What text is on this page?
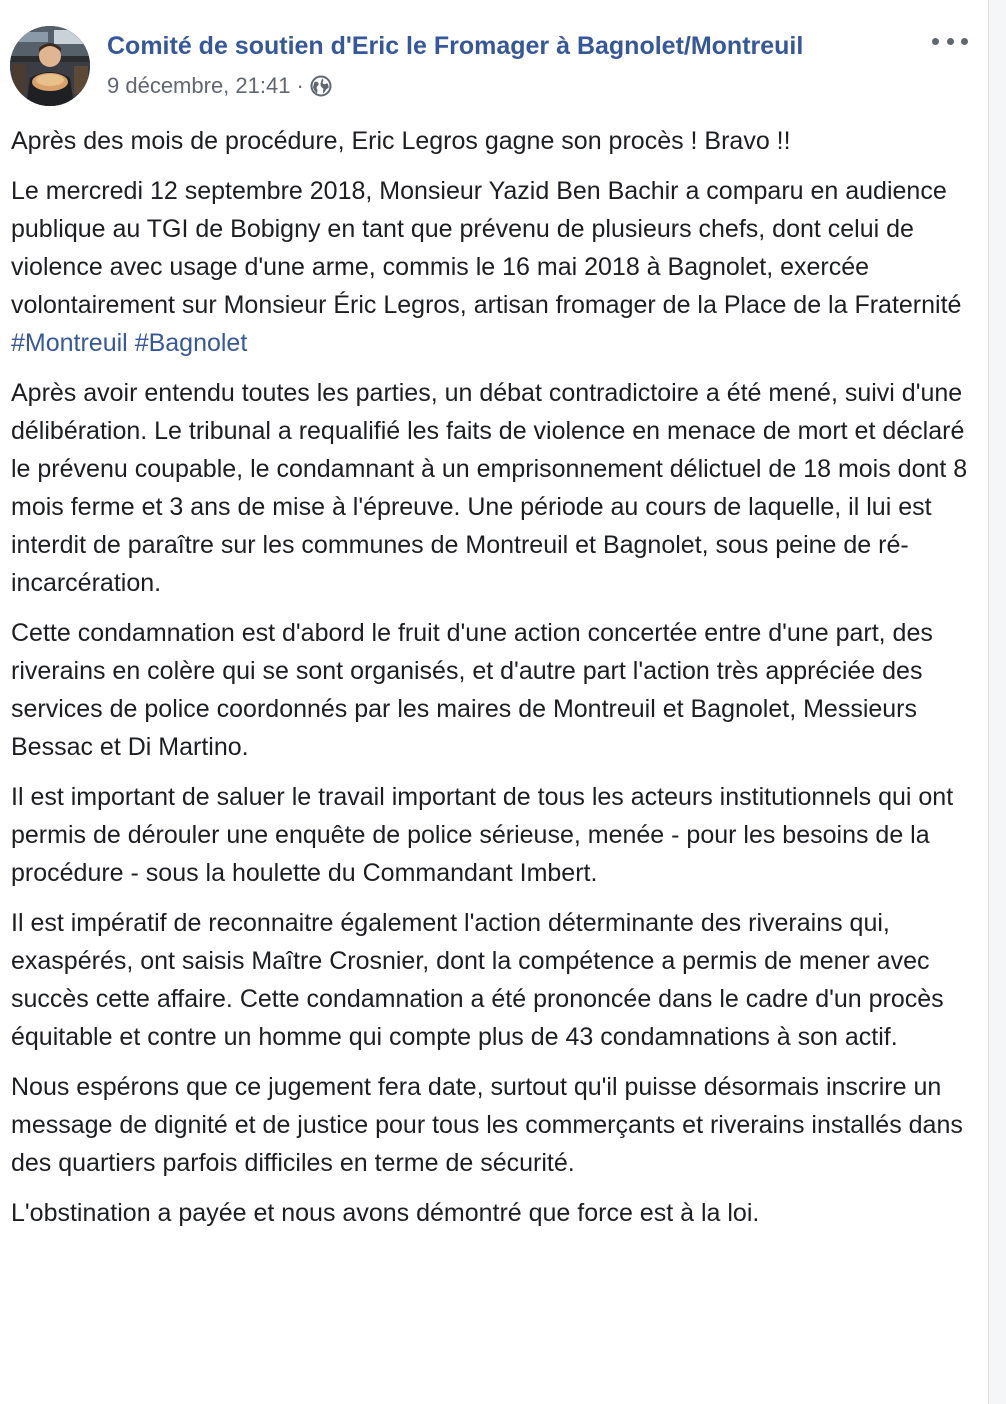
Comité de soutien d'Eric le Fromager à Bagnolet/Montreuil
9 décembre, 21:41 ·

Après des mois de procédure, Eric Legros gagne son procès ! Bravo !!

Le mercredi 12 septembre 2018, Monsieur Yazid Ben Bachir a comparu en audience publique au TGI de Bobigny en tant que prévenu de plusieurs chefs, dont celui de violence avec usage d'une arme, commis le 16 mai 2018 à Bagnolet, exercée volontairement sur Monsieur Éric Legros, artisan fromager de la Place de la Fraternité #Montreuil #Bagnolet

Après avoir entendu toutes les parties, un débat contradictoire a été mené, suivi d'une délibération. Le tribunal a requalifié les faits de violence en menace de mort et déclaré le prévenu coupable, le condamnant à un emprisonnement délictuel de 18 mois dont 8 mois ferme et 3 ans de mise à l'épreuve. Une période au cours de laquelle, il lui est interdit de paraître sur les communes de Montreuil et Bagnolet, sous peine de ré-incarcération.

Cette condamnation est d'abord le fruit d'une action concertée entre d'une part, des riverains en colère qui se sont organisés, et d'autre part l'action très appréciée des services de police coordonnés par les maires de Montreuil et Bagnolet, Messieurs Bessac et Di Martino.

Il est important de saluer le travail important de tous les acteurs institutionnels qui ont permis de dérouler une enquête de police sérieuse, menée - pour les besoins de la procédure - sous la houlette du Commandant Imbert.

Il est impératif de reconnaitre également l'action déterminante des riverains qui, exaspérés, ont saisis Maître Crosnier, dont la compétence a permis de mener avec succès cette affaire. Cette condamnation a été prononcée dans le cadre d'un procès équitable et contre un homme qui compte plus de 43 condamnations à son actif.

Nous espérons que ce jugement fera date, surtout qu'il puisse désormais inscrire un message de dignité et de justice pour tous les commerçants et riverains installés dans des quartiers parfois difficiles en terme de sécurité.

L'obstination a payée et nous avons démontré que force est à la loi.
